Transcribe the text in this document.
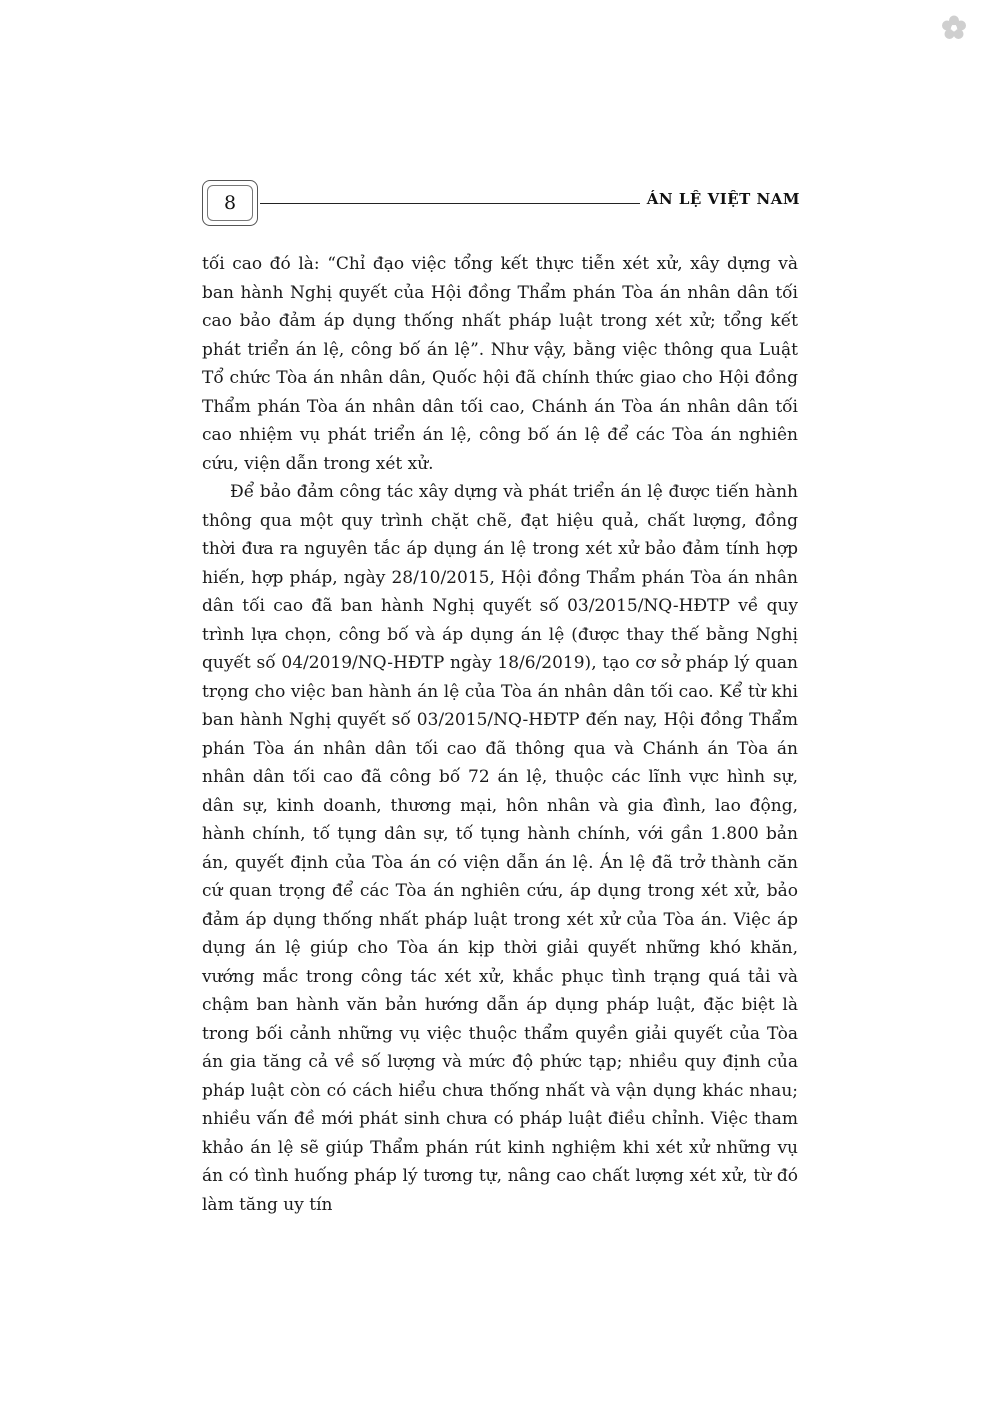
8	ÁN LỆ VIỆT NAM

tối cao đó là: “Chỉ đạo việc tổng kết thực tiễn xét xử, xây dựng và ban hành Nghị quyết của Hội đồng Thẩm phán Tòa án nhân dân tối cao bảo đảm áp dụng thống nhất pháp luật trong xét xử; tổng kết phát triển án lệ, công bố án lệ”. Như vậy, bằng việc thông qua Luật Tổ chức Tòa án nhân dân, Quốc hội đã chính thức giao cho Hội đồng Thẩm phán Tòa án nhân dân tối cao, Chánh án Tòa án nhân dân tối cao nhiệm vụ phát triển án lệ, công bố án lệ để các Tòa án nghiên cứu, viện dẫn trong xét xử.

Để bảo đảm công tác xây dựng và phát triển án lệ được tiến hành thông qua một quy trình chặt chẽ, đạt hiệu quả, chất lượng, đồng thời đưa ra nguyên tắc áp dụng án lệ trong xét xử bảo đảm tính hợp hiến, hợp pháp, ngày 28/10/2015, Hội đồng Thẩm phán Tòa án nhân dân tối cao đã ban hành Nghị quyết số 03/2015/NQ-HĐTP về quy trình lựa chọn, công bố và áp dụng án lệ (được thay thế bằng Nghị quyết số 04/2019/NQ-HĐTP ngày 18/6/2019), tạo cơ sở pháp lý quan trọng cho việc ban hành án lệ của Tòa án nhân dân tối cao. Kể từ khi ban hành Nghị quyết số 03/2015/NQ-HĐTP đến nay, Hội đồng Thẩm phán Tòa án nhân dân tối cao đã thông qua và Chánh án Tòa án nhân dân tối cao đã công bố 72 án lệ, thuộc các lĩnh vực hình sự, dân sự, kinh doanh, thương mại, hôn nhân và gia đình, lao động, hành chính, tố tụng dân sự, tố tụng hành chính, với gần 1.800 bản án, quyết định của Tòa án có viện dẫn án lệ. Án lệ đã trở thành căn cứ quan trọng để các Tòa án nghiên cứu, áp dụng trong xét xử, bảo đảm áp dụng thống nhất pháp luật trong xét xử của Tòa án. Việc áp dụng án lệ giúp cho Tòa án kịp thời giải quyết những khó khăn, vướng mắc trong công tác xét xử, khắc phục tình trạng quá tải và chậm ban hành văn bản hướng dẫn áp dụng pháp luật, đặc biệt là trong bối cảnh những vụ việc thuộc thẩm quyền giải quyết của Tòa án gia tăng cả về số lượng và mức độ phức tạp; nhiều quy định của pháp luật còn có cách hiểu chưa thống nhất và vận dụng khác nhau; nhiều vấn đề mới phát sinh chưa có pháp luật điều chỉnh. Việc tham khảo án lệ sẽ giúp Thẩm phán rút kinh nghiệm khi xét xử những vụ án có tình huống pháp lý tương tự, nâng cao chất lượng xét xử, từ đó làm tăng uy tín
